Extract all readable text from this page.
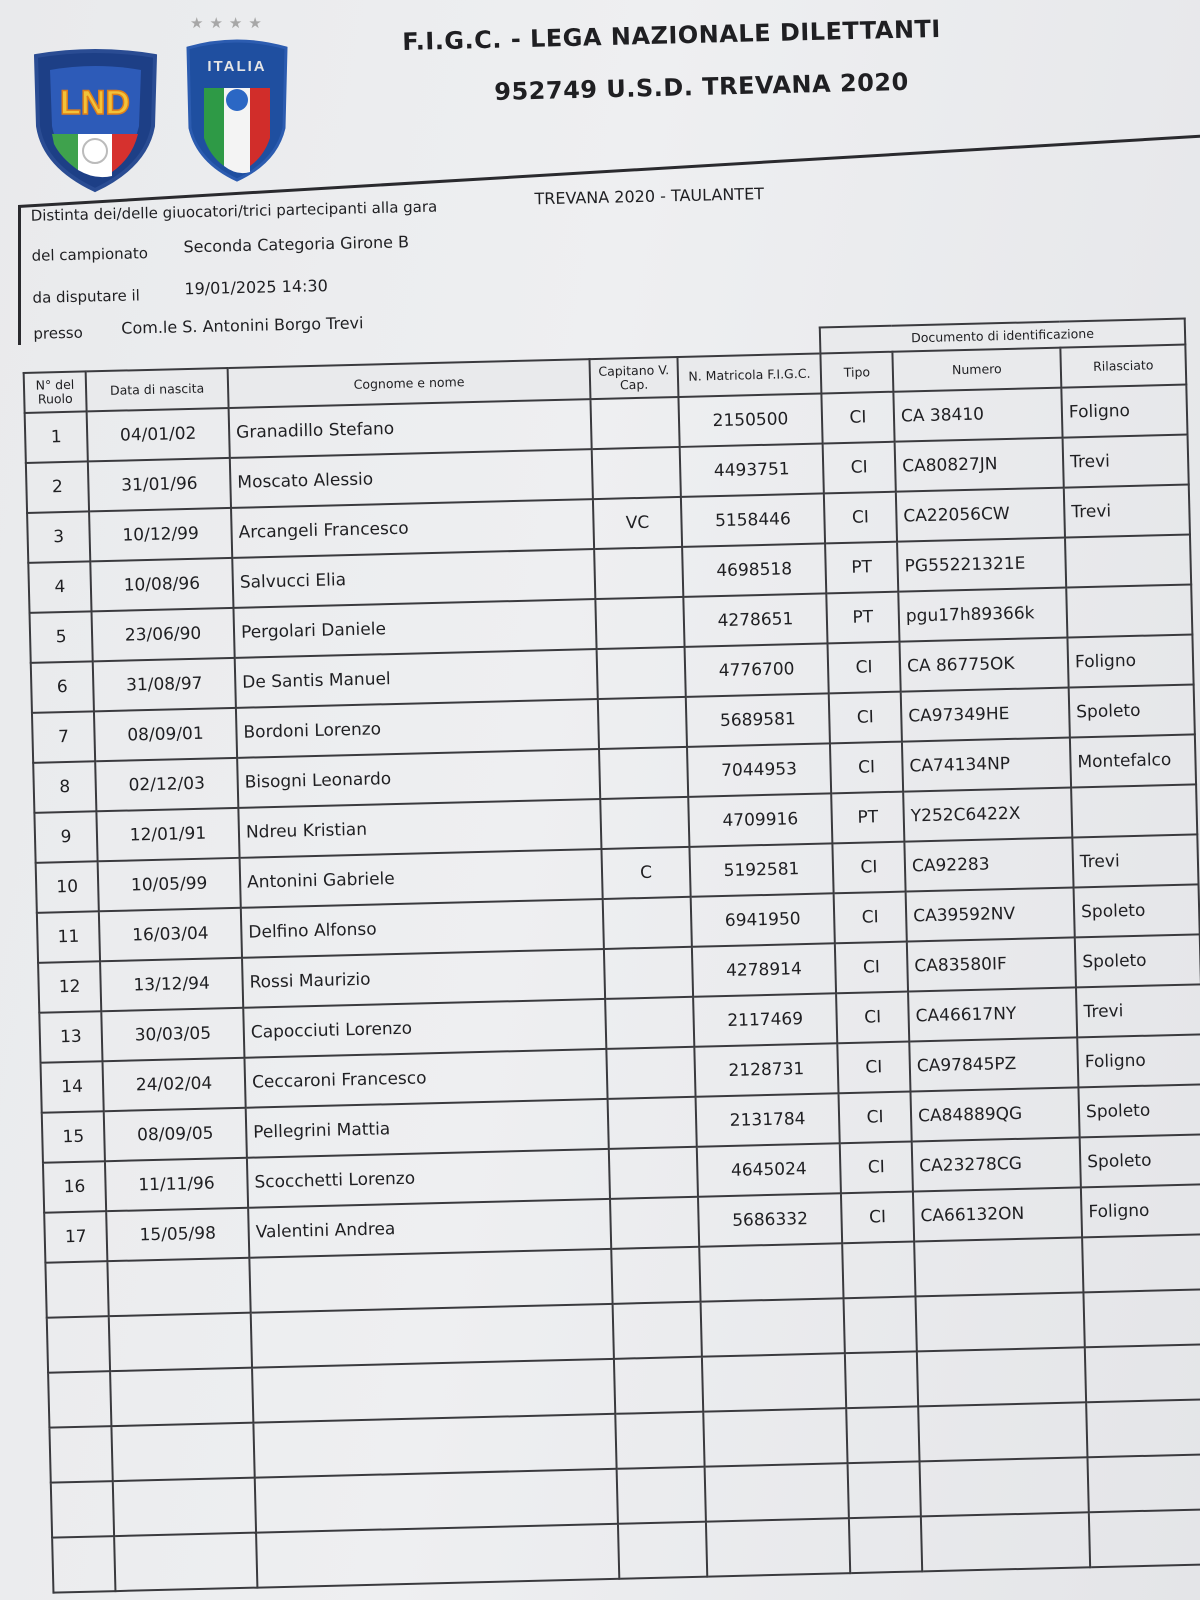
LND
★★★★
ITALIA
F.I.G.C. - LEGA NAZIONALE DILETTANTI
952749 U.S.D. TREVANA 2020
Distinta dei/delle giuocatori/trici partecipanti alla gara
TREVANA 2020 - TAULANTET
del campionato Seconda Categoria Girone B
da disputare il	19/01/2025 14:30
presso Com.le S. Antonini Borgo Trevi
					Documento di identificazione		
N° del Ruolo	Data di nascita	Cognome e nome	Capitano V. Cap.	N. Matricola F.I.G.C.	Tipo	Numero	Rilasciato
1	04/01/02	Granadillo Stefano		2150500	CI	CA 38410	Foligno
2	31/01/96	Moscato Alessio		4493751	CI	CA80827JN	Trevi
3	10/12/99	Arcangeli Francesco	VC	5158446	CI	CA22056CW	Trevi
4	10/08/96	Salvucci Elia		4698518	PT	PG55221321E	
5	23/06/90	Pergolari Daniele		4278651	PT	pgu17h89366k	
6	31/08/97	De Santis Manuel		4776700	CI	CA 86775OK	Foligno
7	08/09/01	Bordoni Lorenzo		5689581	CI	CA97349HE	Spoleto
8	02/12/03	Bisogni Leonardo		7044953	CI	CA74134NP	Montefalco
9	12/01/91	Ndreu Kristian		4709916	PT	Y252C6422X	
10	10/05/99	Antonini Gabriele	C	5192581	CI	CA92283	Trevi
11	16/03/04	Delfino Alfonso		6941950	CI	CA39592NV	Spoleto
12	13/12/94	Rossi Maurizio		4278914	CI	CA83580IF	Spoleto
13	30/03/05	Capocciuti Lorenzo		2117469	CI	CA46617NY	Trevi
14	24/02/04	Ceccaroni Francesco		2128731	CI	CA97845PZ	Foligno
15	08/09/05	Pellegrini Mattia		2131784	CI	CA84889QG	Spoleto
16	11/11/96	Scocchetti Lorenzo		4645024	CI	CA23278CG	Spoleto
17	15/05/98	Valentini Andrea		5686332	CI	CA66132ON	Foligno
